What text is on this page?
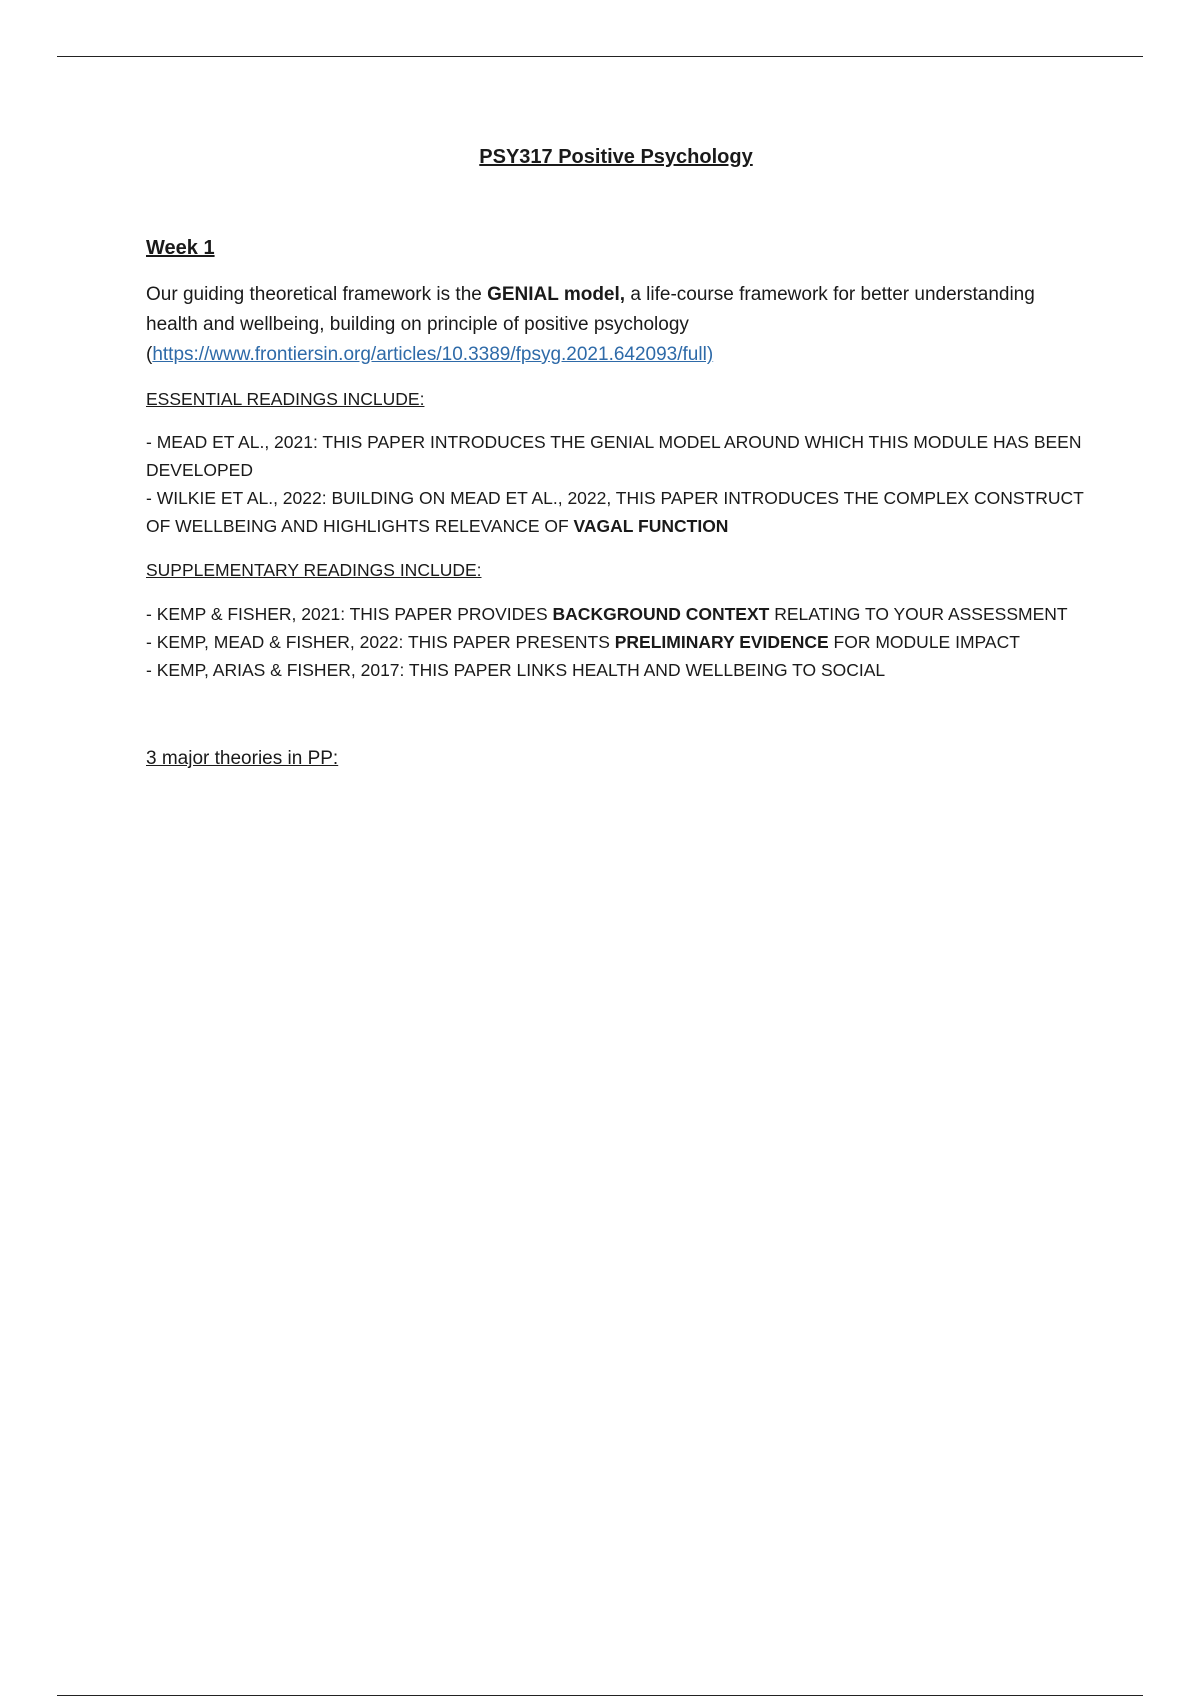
PSY317 Positive Psychology
Week 1

Our guiding theoretical framework is the GENIAL model, a life-course framework for better understanding health and wellbeing, building on principle of positive psychology
(https://www.frontiersin.org/articles/10.3389/fpsyg.2021.642093/full)

ESSENTIAL READINGS INCLUDE:
- MEAD ET AL., 2021: THIS PAPER INTRODUCES THE GENIAL MODEL AROUND WHICH THIS MODULE HAS BEEN DEVELOPED
- WILKIE ET AL., 2022: BUILDING ON MEAD ET AL., 2022, THIS PAPER INTRODUCES THE COMPLEX CONSTRUCT OF WELLBEING AND HIGHLIGHTS RELEVANCE OF VAGAL FUNCTION
SUPPLEMENTARY READINGS INCLUDE:
- KEMP & FISHER, 2021: THIS PAPER PROVIDES BACKGROUND CONTEXT RELATING TO YOUR ASSESSMENT
- KEMP, MEAD & FISHER, 2022: THIS PAPER PRESENTS PRELIMINARY EVIDENCE FOR MODULE IMPACT
- KEMP, ARIAS & FISHER, 2017: THIS PAPER LINKS HEALTH AND WELLBEING TO SOCIAL
3 major theories in PP:
